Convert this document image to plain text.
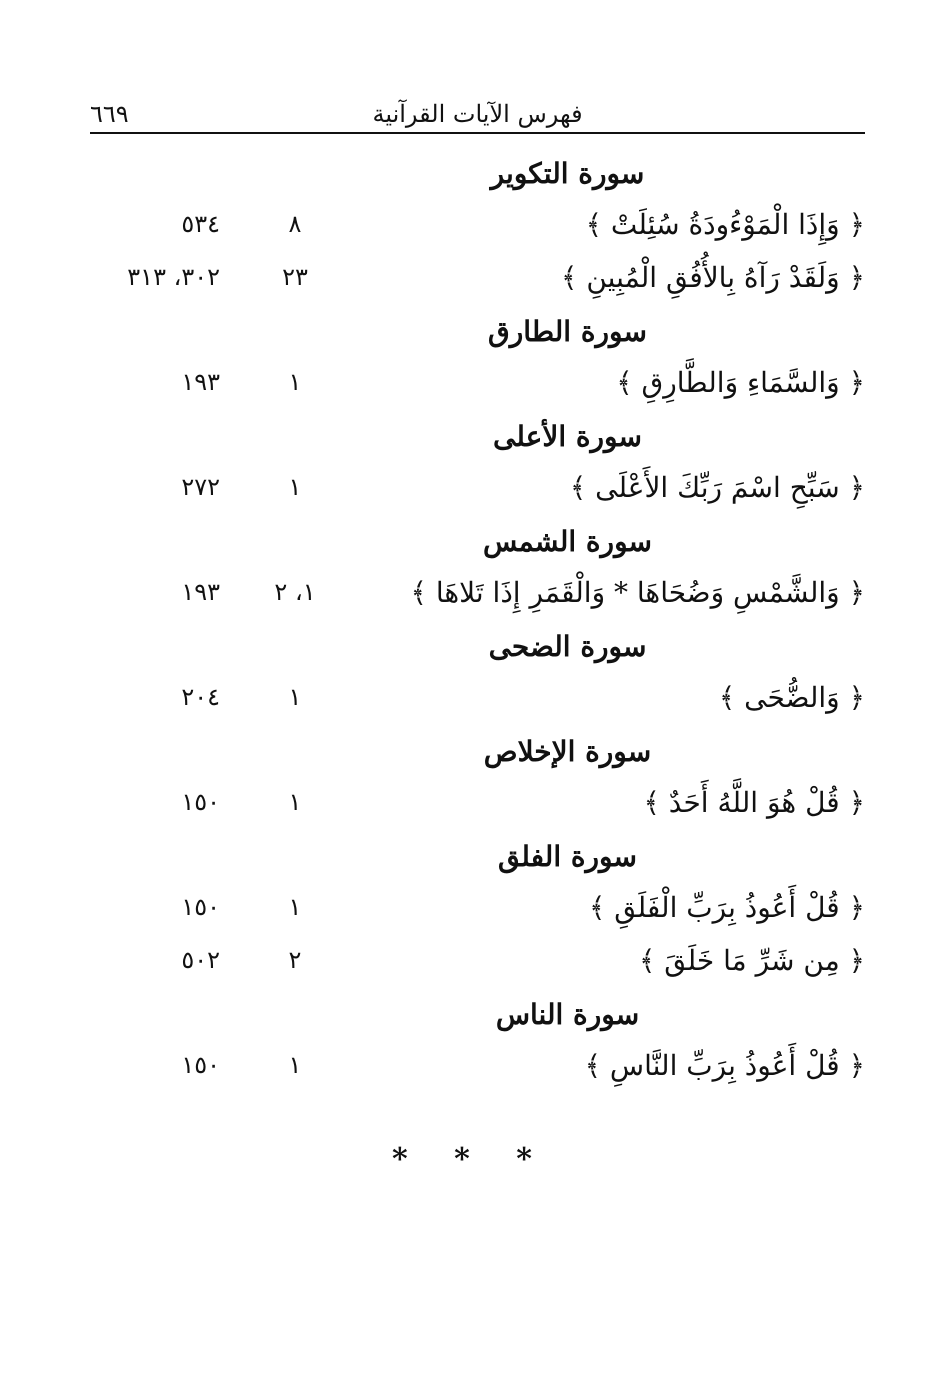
فهرس الآيات القرآنية
٦٦٩
سورة التكوير
﴿ وَإِذَا الْمَوْءُودَةُ سُئِلَتْ ﴾
٨
٥٣٤
﴿ وَلَقَدْ رَآهُ بِالأُفُقِ الْمُبِينِ ﴾
٢٣
٣٠٢، ٣١٣
سورة الطارق
﴿ وَالسَّمَاءِ وَالطَّارِقِ ﴾
١
١٩٣
سورة الأعلى
﴿ سَبِّحِ اسْمَ رَبِّكَ الأَعْلَى ﴾
١
٢٧٢
سورة الشمس
﴿ وَالشَّمْسِ وَضُحَاهَا * وَالْقَمَرِ إِذَا تَلاهَا ﴾
١، ٢
١٩٣
سورة الضحى
﴿ وَالضُّحَى ﴾
١
٢٠٤
سورة الإخلاص
﴿ قُلْ هُوَ اللَّهُ أَحَدٌ ﴾
١
١٥٠
سورة الفلق
﴿ قُلْ أَعُوذُ بِرَبِّ الْفَلَقِ ﴾
١
١٥٠
﴿ مِن شَرِّ مَا خَلَقَ ﴾
٢
٥٠٢
سورة الناس
﴿ قُلْ أَعُوذُ بِرَبِّ النَّاسِ ﴾
١
١٥٠
* * *
